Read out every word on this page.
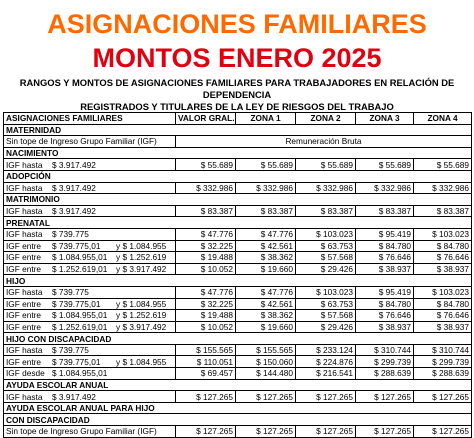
ASIGNACIONES FAMILIARES
MONTOS ENERO 2025
RANGOS Y MONTOS DE ASIGNACIONES FAMILIARES PARA TRABAJADORES EN RELACIÓN DE DEPENDENCIA
REGISTRADOS Y TITULARES DE LA LEY DE RIESGOS DEL TRABAJO
ASIGNACIONES FAMILIARES	VALOR GRAL.	ZONA 1	ZONA 2	ZONA 3	ZONA 4
MATERNIDAD					
Sin tope de Ingreso Grupo Familiar (IGF)	Remuneración Bruta				
NACIMIENTO					
IGF hasta $ 3.917.492	$ 55.689	$ 55.689	$ 55.689	$ 55.689	$ 55.689
ADOPCIÓN					
IGF hasta $ 3.917.492	$ 332.986	$ 332.986	$ 332.986	$ 332.986	$ 332.986
MATRIMONIO					
IGF hasta $ 3.917.492	$ 83.387	$ 83.387	$ 83.387	$ 83.387	$ 83.387
PRENATAL					
IGF hasta $ 739.775	$ 47.776	$ 47.776	$ 103.023	$ 95.419	$ 103.023
IGF entre $ 739.775,01 y $ 1.084.955	$ 32.225	$ 42.561	$ 63.753	$ 84.780	$ 84.780
IGF entre $ 1.084.955,01 y $ 1.252.619	$ 19.488	$ 38.362	$ 57.568	$ 76.646	$ 76.646
IGF entre $ 1.252.619,01 y $ 3.917.492	$ 10.052	$ 19.660	$ 29.426	$ 38.937	$ 38.937
HIJO					
IGF hasta $ 739.775	$ 47.776	$ 47.776	$ 103.023	$ 95.419	$ 103.023
IGF entre $ 739.775,01 y $ 1.084.955	$ 32.225	$ 42.561	$ 63.753	$ 84.780	$ 84.780
IGF entre $ 1.084.955,01 y $ 1.252.619	$ 19.488	$ 38.362	$ 57.568	$ 76.646	$ 76.646
IGF entre $ 1.252.619,01 y $ 3.917.492	$ 10.052	$ 19.660	$ 29.426	$ 38.937	$ 38.937
HIJO CON DISCAPACIDAD					
IGF hasta $ 739.775	$ 155.565	$ 155.565	$ 233.124	$ 310.744	$ 310.744
IGF entre $ 739.775,01 y $ 1.084.955	$ 110.051	$ 150.060	$ 224.876	$ 299.739	$ 299.739
IGF desde $ 1.084.955,01	$ 69.457	$ 144.480	$ 216.541	$ 288.639	$ 288.639
AYUDA ESCOLAR ANUAL					
IGF hasta $ 3.917.492	$ 127.265	$ 127.265	$ 127.265	$ 127.265	$ 127.265
AYUDA ESCOLAR ANUAL PARA HIJO					
CON DISCAPACIDAD					
Sin tope de Ingreso Grupo Familiar (IGF)	$ 127.265	$ 127.265	$ 127.265	$ 127.265	$ 127.265
